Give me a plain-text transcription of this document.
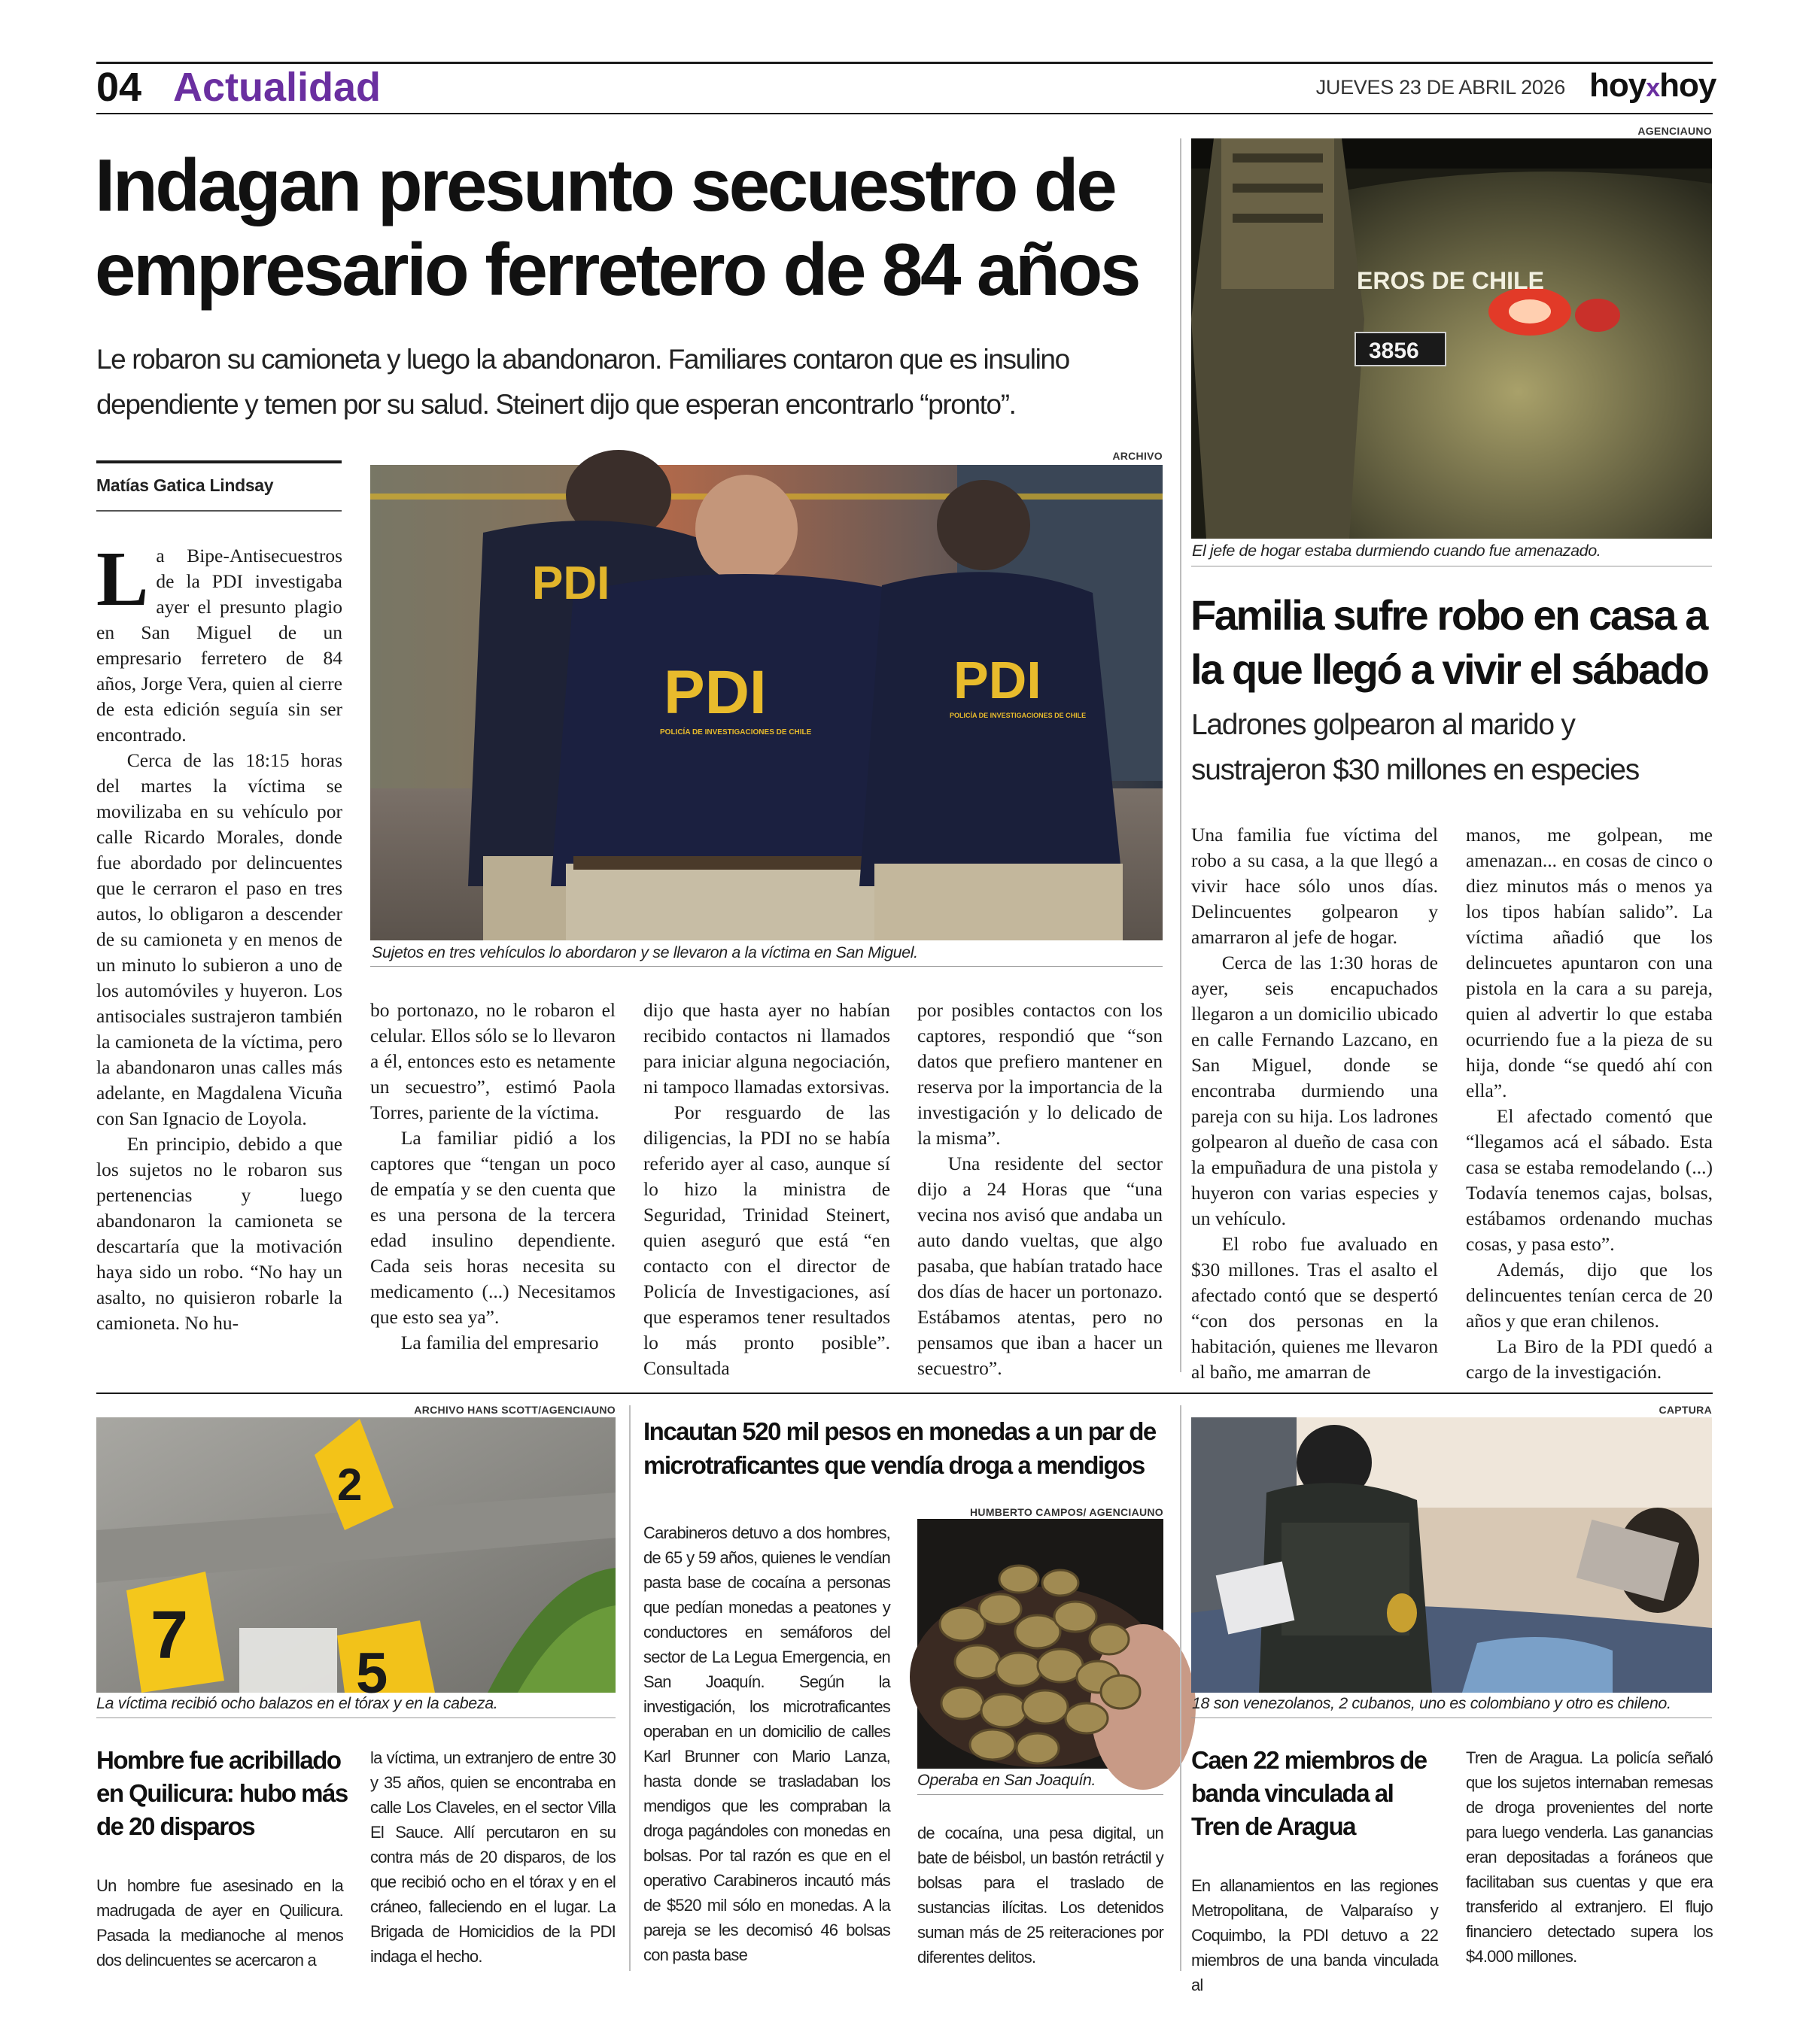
04 Actualidad	JUEVES 23 DE ABRIL 2026 hoyxhoy
Indagan presunto secuestro de
empresario ferretero de 84 años
Le robaron su camioneta y luego la abandonaron. Familiares contaron que es insulino
dependiente y temen por su salud. Steinert dijo que esperan encontrarlo “pronto”.
Matías Gatica Lindsay
ARCHIVO
PDI
PDI
POLICÍA DE INVESTIGACIONES DE CHILE
PDI
POLICÍA DE INVESTIGACIONES DE CHILE
Sujetos en tres vehículos lo abordaron y se llevaron a la víctima en San Miguel.

La Bipe-Antisecuestros de la PDI investigaba ayer el presunto plagio en San Miguel de un empresario ferretero de 84 años, Jorge Vera, quien al cierre de esta edición seguía sin ser encontrado.

Cerca de las 18:15 horas del martes la víctima se movilizaba en su vehículo por calle Ricardo Morales, donde fue abordado por delincuentes que le cerraron el paso en tres autos, lo obligaron a descender de su camioneta y en menos de un minuto lo subieron a uno de los automóviles y huyeron. Los antisociales sustrajeron también la camioneta de la víctima, pero la abandonaron unas calles más adelante, en Magdalena Vicuña con San Ignacio de Loyola.

En principio, debido a que los sujetos no le robaron sus pertenencias y luego abandonaron la camioneta se descartaría que la motivación haya sido un robo. “No hay un asalto, no quisieron robarle la camioneta. No hu-

bo portonazo, no le robaron el celular. Ellos sólo se lo llevaron a él, entonces esto es netamente un secuestro”, estimó Paola Torres, pariente de la víctima.

La familiar pidió a los captores que “tengan un poco de empatía y se den cuenta que es una persona de la tercera edad insulino dependiente. Cada seis horas necesita su medicamento (...) Necesitamos que esto sea ya”.

La familia del empresario

dijo que hasta ayer no habían recibido contactos ni llamados para iniciar alguna negociación, ni tampoco llamadas extorsivas.

Por resguardo de las diligencias, la PDI no se había referido ayer al caso, aunque sí lo hizo la ministra de Seguridad, Trinidad Steinert, quien aseguró que está “en contacto con el director de Policía de Investigaciones, así que esperamos tener resultados lo más pronto posible”. Consultada

por posibles contactos con los captores, respondió que “son datos que prefiero mantener en reserva por la importancia de la investigación y lo delicado de la misma”.

Una residente del sector dijo a 24 Horas que “una vecina nos avisó que andaba un auto dando vueltas, que algo pasaba, que habían tratado hace dos días de hacer un portonazo. Estábamos atentas, pero no pensamos que iban a hacer un secuestro”.

AGENCIAUNO
EROS DE CHILE
3856
El jefe de hogar estaba durmiendo cuando fue amenazado.
Familia sufre robo en casa a
la que llegó a vivir el sábado
Ladrones golpearon al marido y
sustrajeron $30 millones en especies

Una familia fue víctima del robo a su casa, a la que llegó a vivir hace sólo unos días. Delincuentes golpearon y amarraron al jefe de hogar.

Cerca de las 1:30 horas de ayer, seis encapuchados llegaron a un domicilio ubicado en calle Fernando Lazcano, en San Miguel, donde se encontraba durmiendo una pareja con su hija. Los ladrones golpearon al dueño de casa con la empuñadura de una pistola y huyeron con varias especies y un vehículo.

El robo fue avaluado en $30 millones. Tras el asalto el afectado contó que se despertó “con dos personas en la habitación, quienes me llevaron al baño, me amarran de

manos, me golpean, me amenazan... en cosas de cinco o diez minutos más o menos ya los tipos habían salido”. La víctima añadió que los delincuetes apuntaron con una pistola en la cara a su pareja, quien al advertir lo que estaba ocurriendo fue a la pieza de su hija, donde “se quedó ahí con ella”.

El afectado comentó que “llegamos acá el sábado. Esta casa se estaba remodelando (...) Todavía tenemos cajas, bolsas, estábamos ordenando muchas cosas, y pasa esto”.

Además, dijo que los delincuentes tenían cerca de 20 años y que eran chilenos.

La Biro de la PDI quedó a cargo de la investigación.

ARCHIVO HANS SCOTT/AGENCIAUNO
2
7
5
La víctima recibió ocho balazos en el tórax y en la cabeza.
Hombre fue acribillado
en Quilicura: hubo más
de 20 disparos
Un hombre fue asesinado en la madrugada de ayer en Quilicura. Pasada la medianoche al menos dos delincuentes se acercaron a
la víctima, un extranjero de entre 30 y 35 años, quien se encontraba en calle Los Claveles, en el sector Villa El Sauce. Allí percutaron en su contra más de 20 disparos, de los que recibió ocho en el tórax y en el cráneo, falleciendo en el lugar. La Brigada de Homicidios de la PDI indaga el hecho.
Incautan 520 mil pesos en monedas a un par de
microtraficantes que vendía droga a mendigos
Carabineros detuvo a dos hombres, de 65 y 59 años, quienes le vendían pasta base de cocaína a personas que pedían monedas a peatones y conductores en semáforos del sector de La Legua Emergencia, en San Joaquín. Según la investigación, los microtraficantes operaban en un domicilio de calles Karl Brunner con Mario Lanza, hasta donde se trasladaban los mendigos que les compraban la droga pagándoles con monedas en bolsas. Por tal razón es que en el operativo Carabineros incautó más de $520 mil sólo en monedas. A la pareja se les decomisó 46 bolsas con pasta base
HUMBERTO CAMPOS/ AGENCIAUNO
Operaba en San Joaquín.
de cocaína, una pesa digital, un bate de béisbol, un bastón retráctil y bolsas para el traslado de sustancias ilícitas. Los detenidos suman más de 25 reiteraciones por diferentes delitos.
CAPTURA
18 son venezolanos, 2 cubanos, uno es colombiano y otro es chileno.
Caen 22 miembros de
banda vinculada al
Tren de Aragua
En allanamientos en las regiones Metropolitana, de Valparaíso y Coquimbo, la PDI detuvo a 22 miembros de una banda vinculada al
Tren de Aragua. La policía señaló que los sujetos internaban remesas de droga provenientes del norte para luego venderla. Las ganancias eran depositadas a foráneos que facilitaban sus cuentas y que era transferido al extranjero. El flujo financiero detectado supera los $4.000 millones.
